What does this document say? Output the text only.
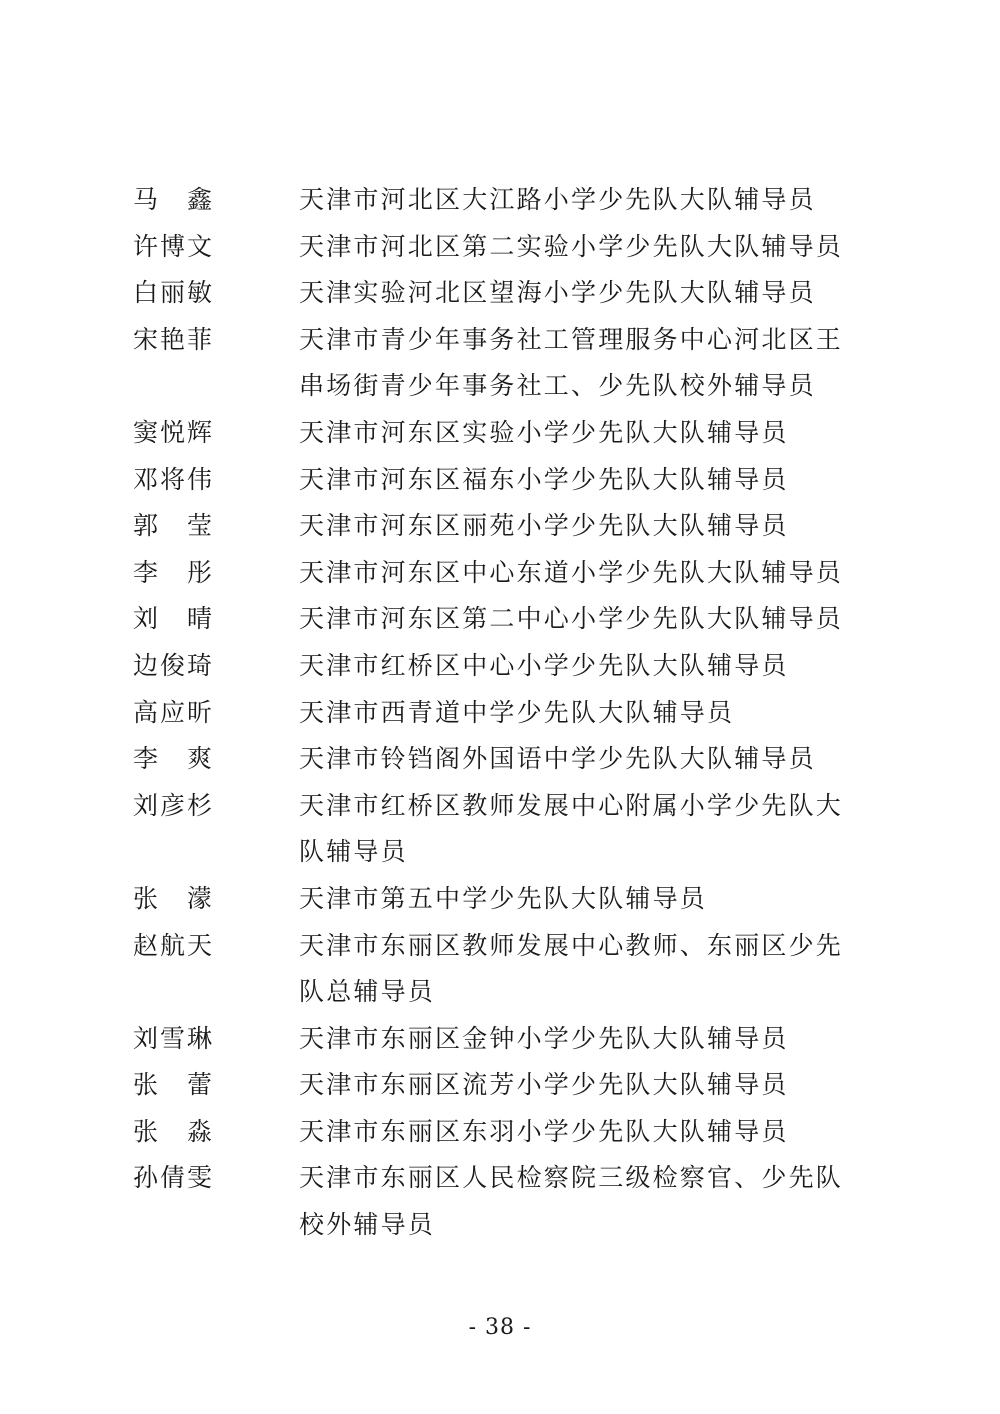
马　鑫	天津市河北区大江路小学少先队大队辅导员
许博文	天津市河北区第二实验小学少先队大队辅导员
白丽敏	天津实验河北区望海小学少先队大队辅导员
宋艳菲	天津市青少年事务社工管理服务中心河北区王串场街青少年事务社工、少先队校外辅导员
窦悦辉	天津市河东区实验小学少先队大队辅导员
邓将伟	天津市河东区福东小学少先队大队辅导员
郭　莹	天津市河东区丽苑小学少先队大队辅导员
李　彤	天津市河东区中心东道小学少先队大队辅导员
刘　晴	天津市河东区第二中心小学少先队大队辅导员
边俊琦	天津市红桥区中心小学少先队大队辅导员
高应昕	天津市西青道中学少先队大队辅导员
李　爽	天津市铃铛阁外国语中学少先队大队辅导员
刘彦杉	天津市红桥区教师发展中心附属小学少先队大队辅导员
张　濛	天津市第五中学少先队大队辅导员
赵航天	天津市东丽区教师发展中心教师、东丽区少先队总辅导员
刘雪琳	天津市东丽区金钟小学少先队大队辅导员
张　蕾	天津市东丽区流芳小学少先队大队辅导员
张　淼	天津市东丽区东羽小学少先队大队辅导员
孙倩雯	天津市东丽区人民检察院三级检察官、少先队校外辅导员
- 38 -
